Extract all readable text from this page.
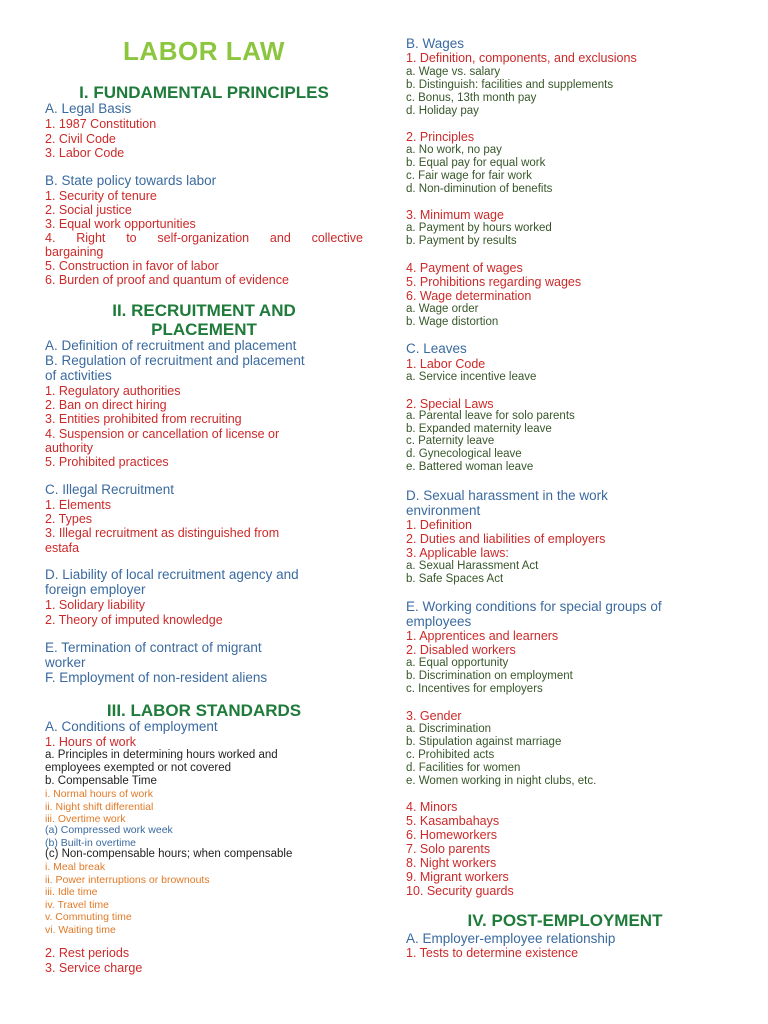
LABOR LAW
I. FUNDAMENTAL PRINCIPLES
A. Legal Basis
1. 1987 Constitution
2. Civil Code
3. Labor Code
B. State policy towards labor
1. Security of tenure
2. Social justice
3. Equal work opportunities
4. Right to self-organization and collective
bargaining
5. Construction in favor of labor
6. Burden of proof and quantum of evidence
II. RECRUITMENT AND
PLACEMENT
A. Definition of recruitment and placement
B. Regulation of recruitment and placement
of activities
1. Regulatory authorities
2. Ban on direct hiring
3. Entities prohibited from recruiting
4. Suspension or cancellation of license or
authority
5. Prohibited practices
C. Illegal Recruitment
1. Elements
2. Types
3. Illegal recruitment as distinguished from
estafa
D. Liability of local recruitment agency and
foreign employer
1. Solidary liability
2. Theory of imputed knowledge
E. Termination of contract of migrant
worker
F. Employment of non-resident aliens
III. LABOR STANDARDS
A. Conditions of employment
1. Hours of work
a. Principles in determining hours worked and
employees exempted or not covered
b. Compensable Time
i. Normal hours of work
ii. Night shift differential
iii. Overtime work
(a) Compressed work week
(b) Built-in overtime
(c) Non-compensable hours; when compensable
i. Meal break
ii. Power interruptions or brownouts
iii. Idle time
iv. Travel time
v. Commuting time
vi. Waiting time
2. Rest periods
3. Service charge
B. Wages
1. Definition, components, and exclusions
a. Wage vs. salary
b. Distinguish: facilities and supplements
c. Bonus, 13th month pay
d. Holiday pay
2. Principles
a. No work, no pay
b. Equal pay for equal work
c. Fair wage for fair work
d. Non-diminution of benefits
3. Minimum wage
a. Payment by hours worked
b. Payment by results
4. Payment of wages
5. Prohibitions regarding wages
6. Wage determination
a. Wage order
b. Wage distortion
C. Leaves
1. Labor Code
a. Service incentive leave
2. Special Laws
a. Parental leave for solo parents
b. Expanded maternity leave
c. Paternity leave
d. Gynecological leave
e. Battered woman leave
D. Sexual harassment in the work
environment
1. Definition
2. Duties and liabilities of employers
3. Applicable laws:
a. Sexual Harassment Act
b. Safe Spaces Act
E. Working conditions for special groups of
employees
1. Apprentices and learners
2. Disabled workers
a. Equal opportunity
b. Discrimination on employment
c. Incentives for employers
3. Gender
a. Discrimination
b. Stipulation against marriage
c. Prohibited acts
d. Facilities for women
e. Women working in night clubs, etc.
4. Minors
5. Kasambahays
6. Homeworkers
7. Solo parents
8. Night workers
9. Migrant workers
10. Security guards
IV. POST-EMPLOYMENT
A. Employer-employee relationship
1. Tests to determine existence
